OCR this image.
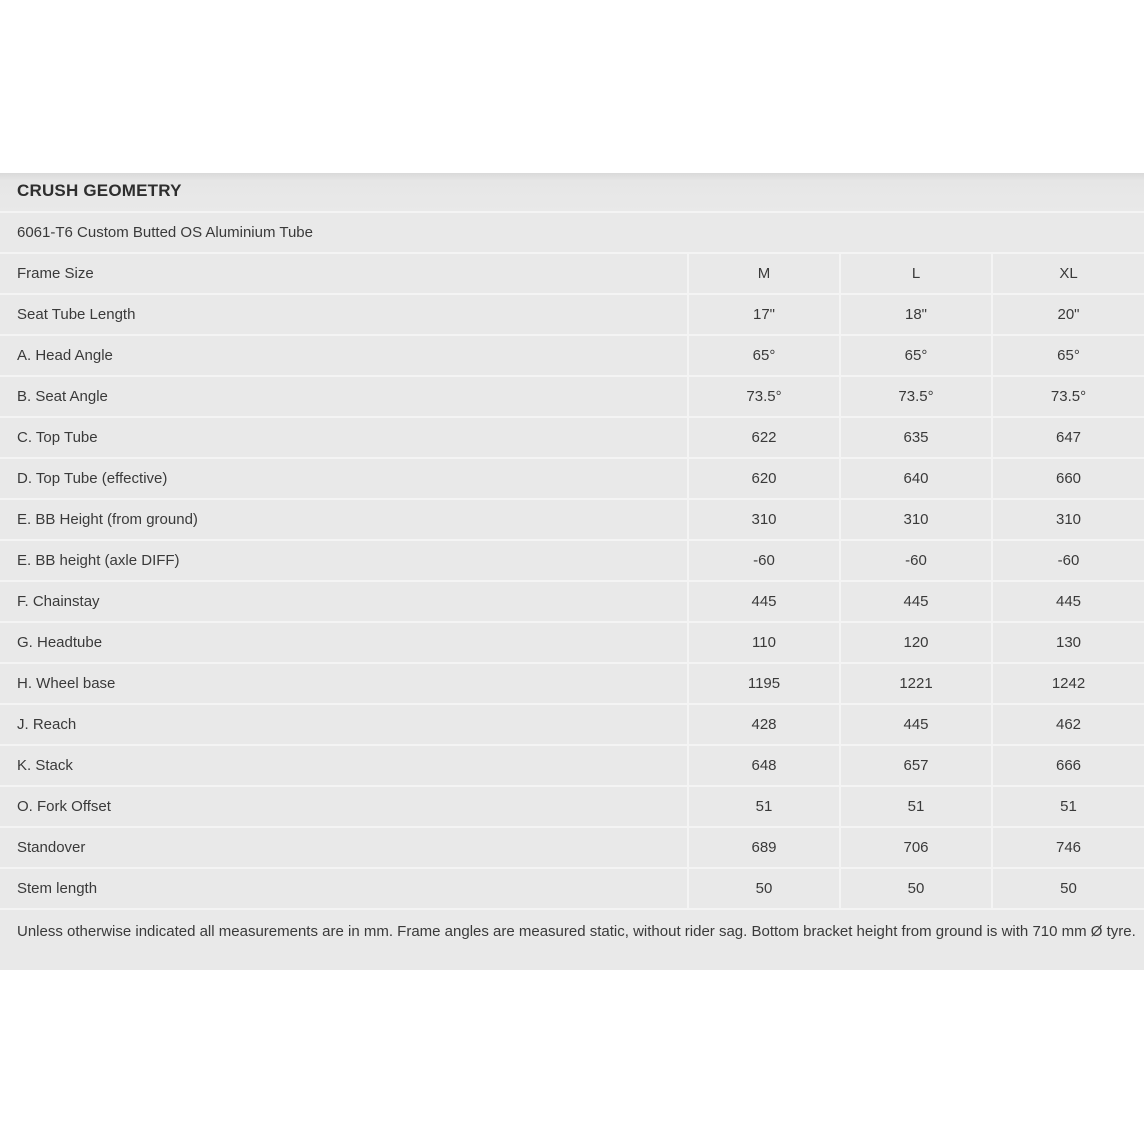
CRUSH GEOMETRY
6061-T6 Custom Butted OS Aluminium Tube
Frame Size	M	L	XL
Seat Tube Length	17"	18"	20"
A. Head Angle	65°	65°	65°
B. Seat Angle	73.5°	73.5°	73.5°
C. Top Tube	622	635	647
D. Top Tube (effective)	620	640	660
E. BB Height (from ground)	310	310	310
E. BB height (axle DIFF)	-60	-60	-60
F. Chainstay	445	445	445
G. Headtube	110	120	130
H. Wheel base	1195	1221	1242
J. Reach	428	445	462
K. Stack	648	657	666
O. Fork Offset	51	51	51
Standover	689	706	746
Stem length	50	50	50
Unless otherwise indicated all measurements are in mm. Frame angles are measured static, without rider sag. Bottom bracket height from ground is with 710 mm Ø tyre.
